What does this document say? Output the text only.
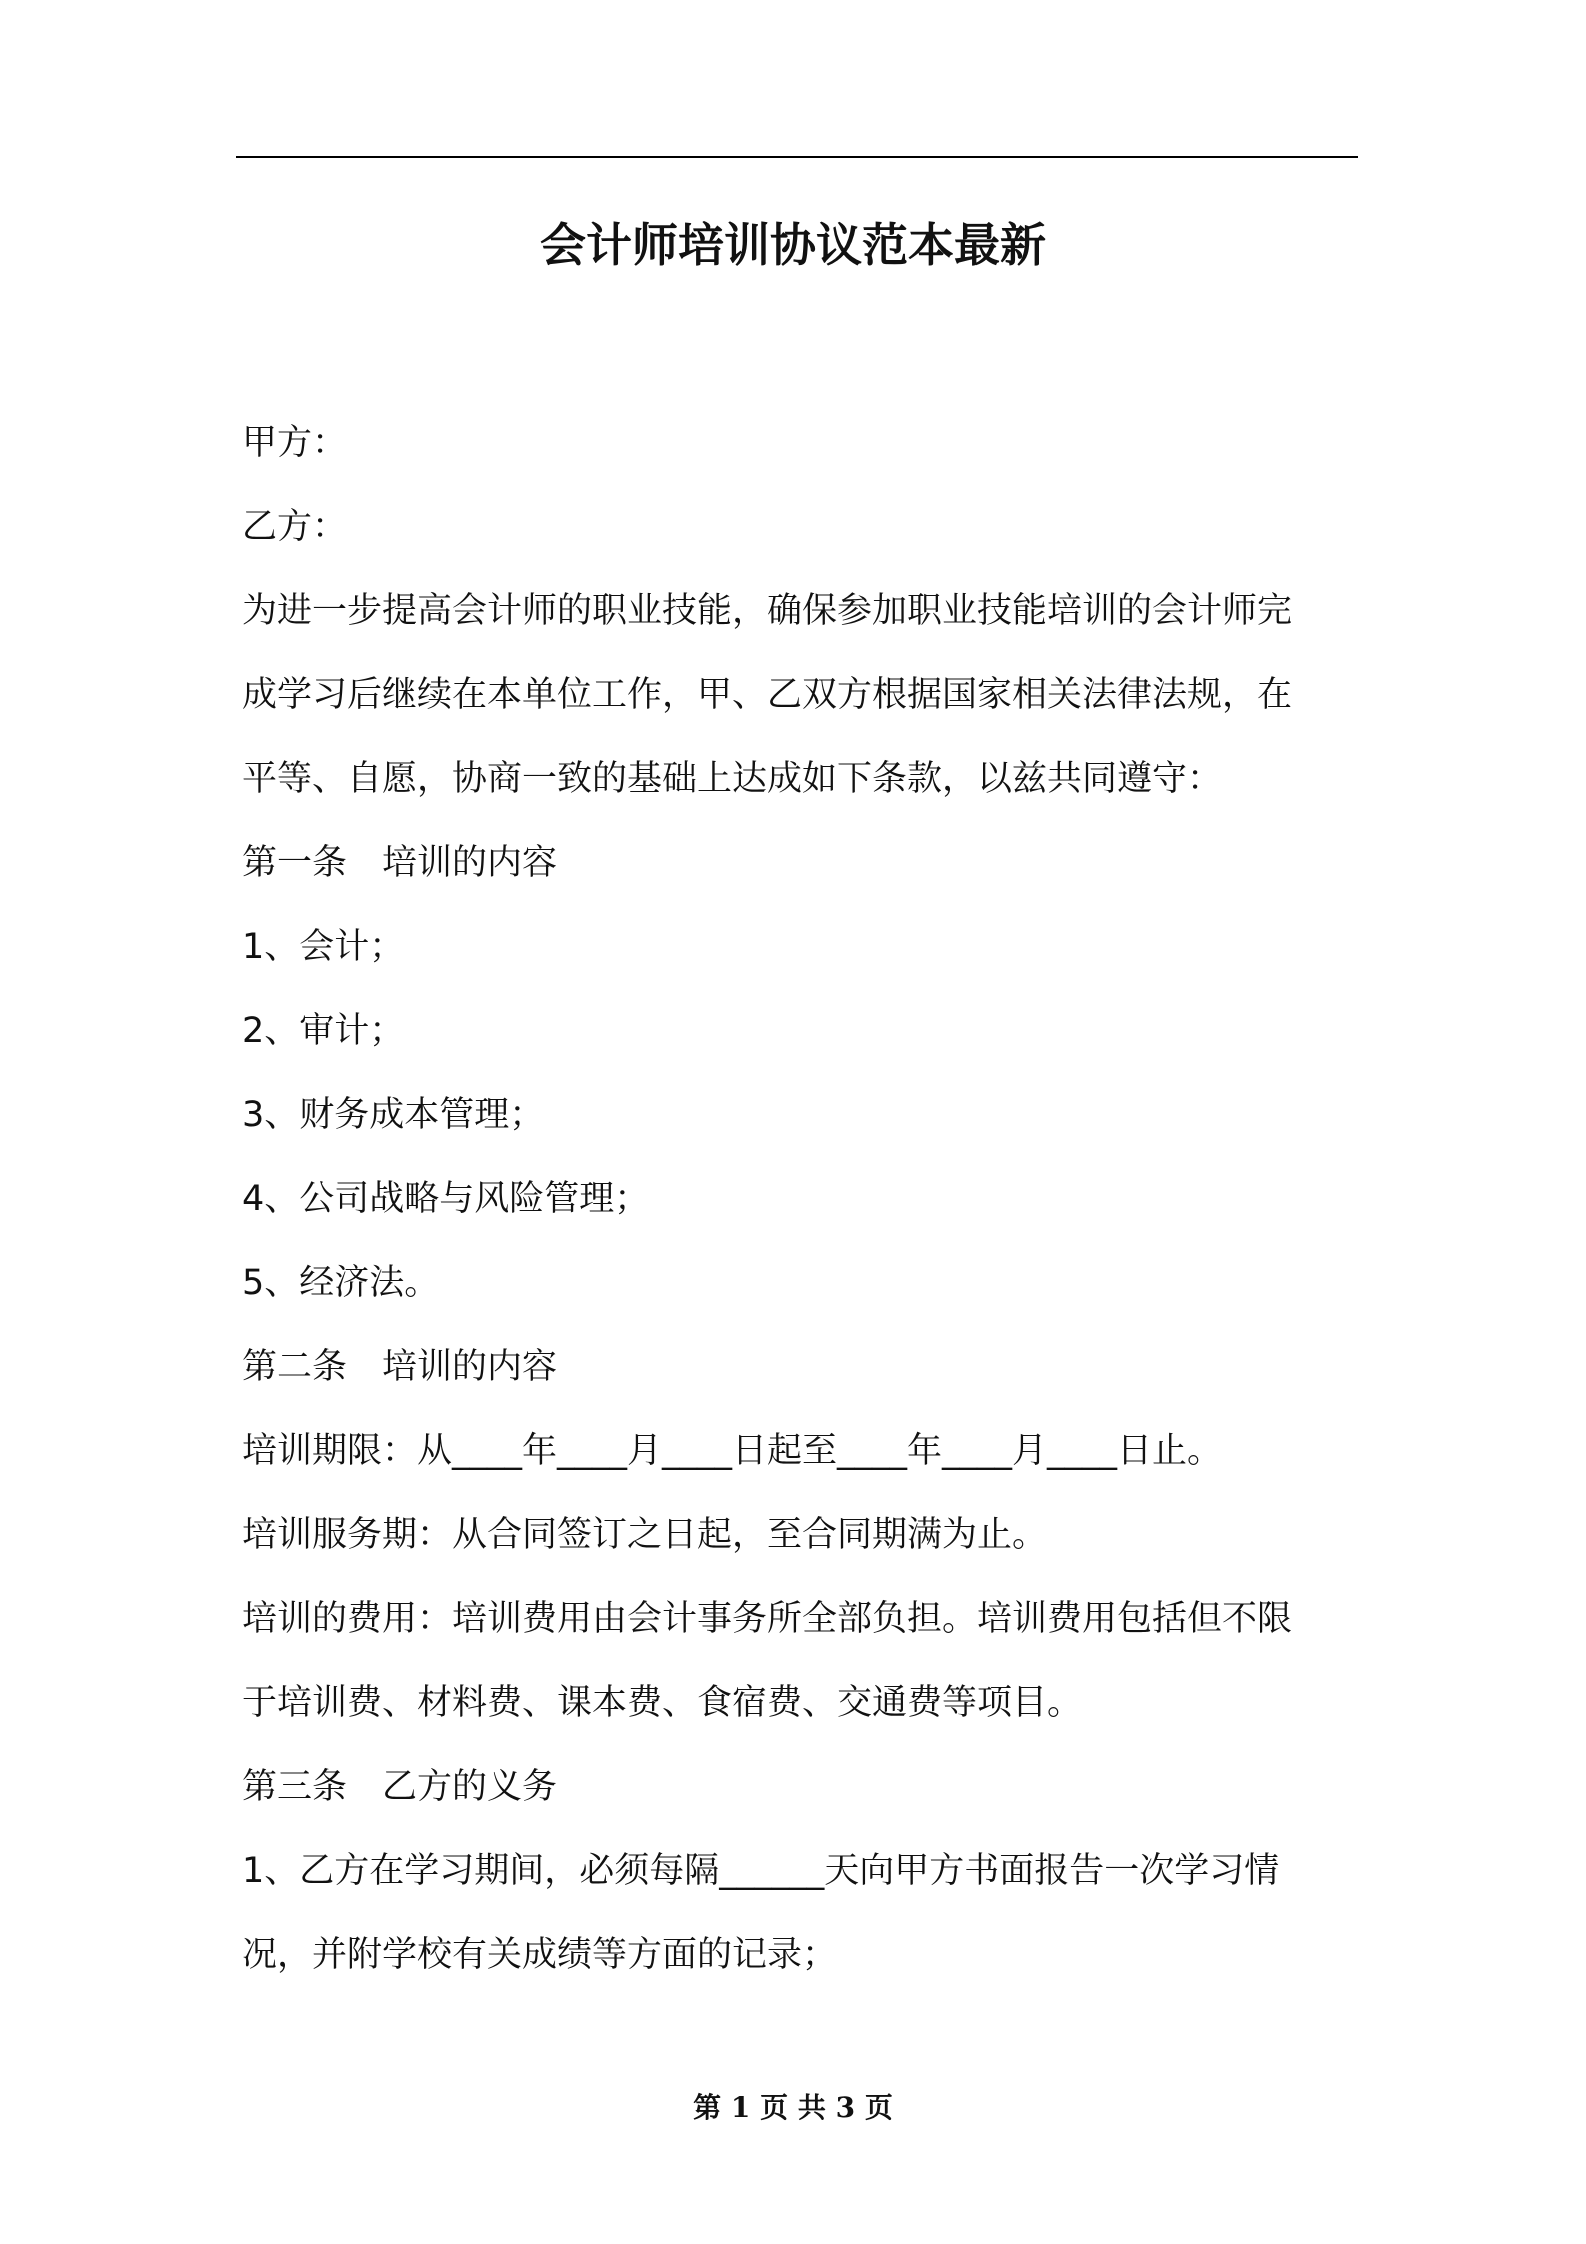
会计师培训协议范本最新
甲方：
乙方：
为进一步提高会计师的职业技能，确保参加职业技能培训的会计师完
成学习后继续在本单位工作，甲、乙双方根据国家相关法律法规，在
平等、自愿，协商一致的基础上达成如下条款，以兹共同遵守：
第一条　培训的内容
1、会计；
2、审计；
3、财务成本管理；
4、公司战略与风险管理；
5、经济法。
第二条　培训的内容
培训期限：从____年____月____日起至____年____月____日止。
培训服务期：从合同签订之日起，至合同期满为止。
培训的费用：培训费用由会计事务所全部负担。培训费用包括但不限
于培训费、材料费、课本费、食宿费、交通费等项目。
第三条　乙方的义务
1、乙方在学习期间，必须每隔______天向甲方书面报告一次学习情
况，并附学校有关成绩等方面的记录；
第 1 页 共 3 页
